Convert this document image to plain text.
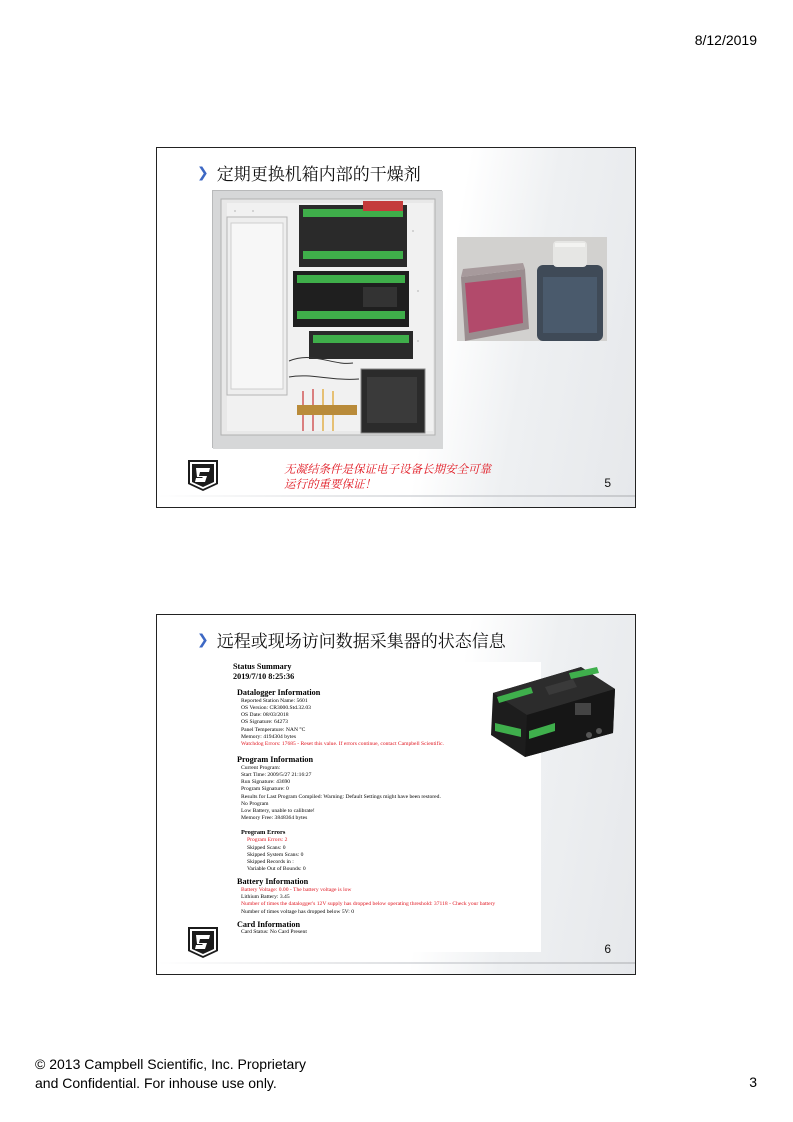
8/12/2019
❯ 定期更换机箱内部的干燥剂
无凝结条件是保证电子设备长期安全可靠
运行的重要保证！	5
❯ 远程或现场访问数据采集器的状态信息
Status Summary
2019/7/10 8:25:36
Datalogger Information
Reported Station Name: 5601
OS Version: CR3000.Std.32.03
OS Date: 08/03/2018
OS Signature: 64273
Panel Temperature: NAN °C
Memory: 4194304 bytes
Watchdog Errors: 17685 - Reset this value. If errors continue, contact Campbell Scientific.
Program Information
Current Program:
Start Time: 2009/5/27 21:16:27
Run Signature: 43690
Program Signature: 0
Results for Last Program Compiled: Warning: Default Settings might have been restored.
No Program
Low Battery, unable to calibrate!
Memory Free: 3848364 bytes
Program Errors
Program Errors: 2
Skipped Scans: 0
Skipped System Scans: 0
Skipped Records in :
Variable Out of Bounds: 0
Battery Information
Battery Voltage: 0.00 - The battery voltage is low
Lithium Battery: 3.45
Number of times the datalogger's 12V supply has dropped below operating threshold: 37118 - Check your battery
Number of times voltage has dropped below 5V: 0
Card Information
Card Status: No Card Present
6
© 2013 Campbell Scientific, Inc. Proprietary
and Confidential. For inhouse use only.	3
